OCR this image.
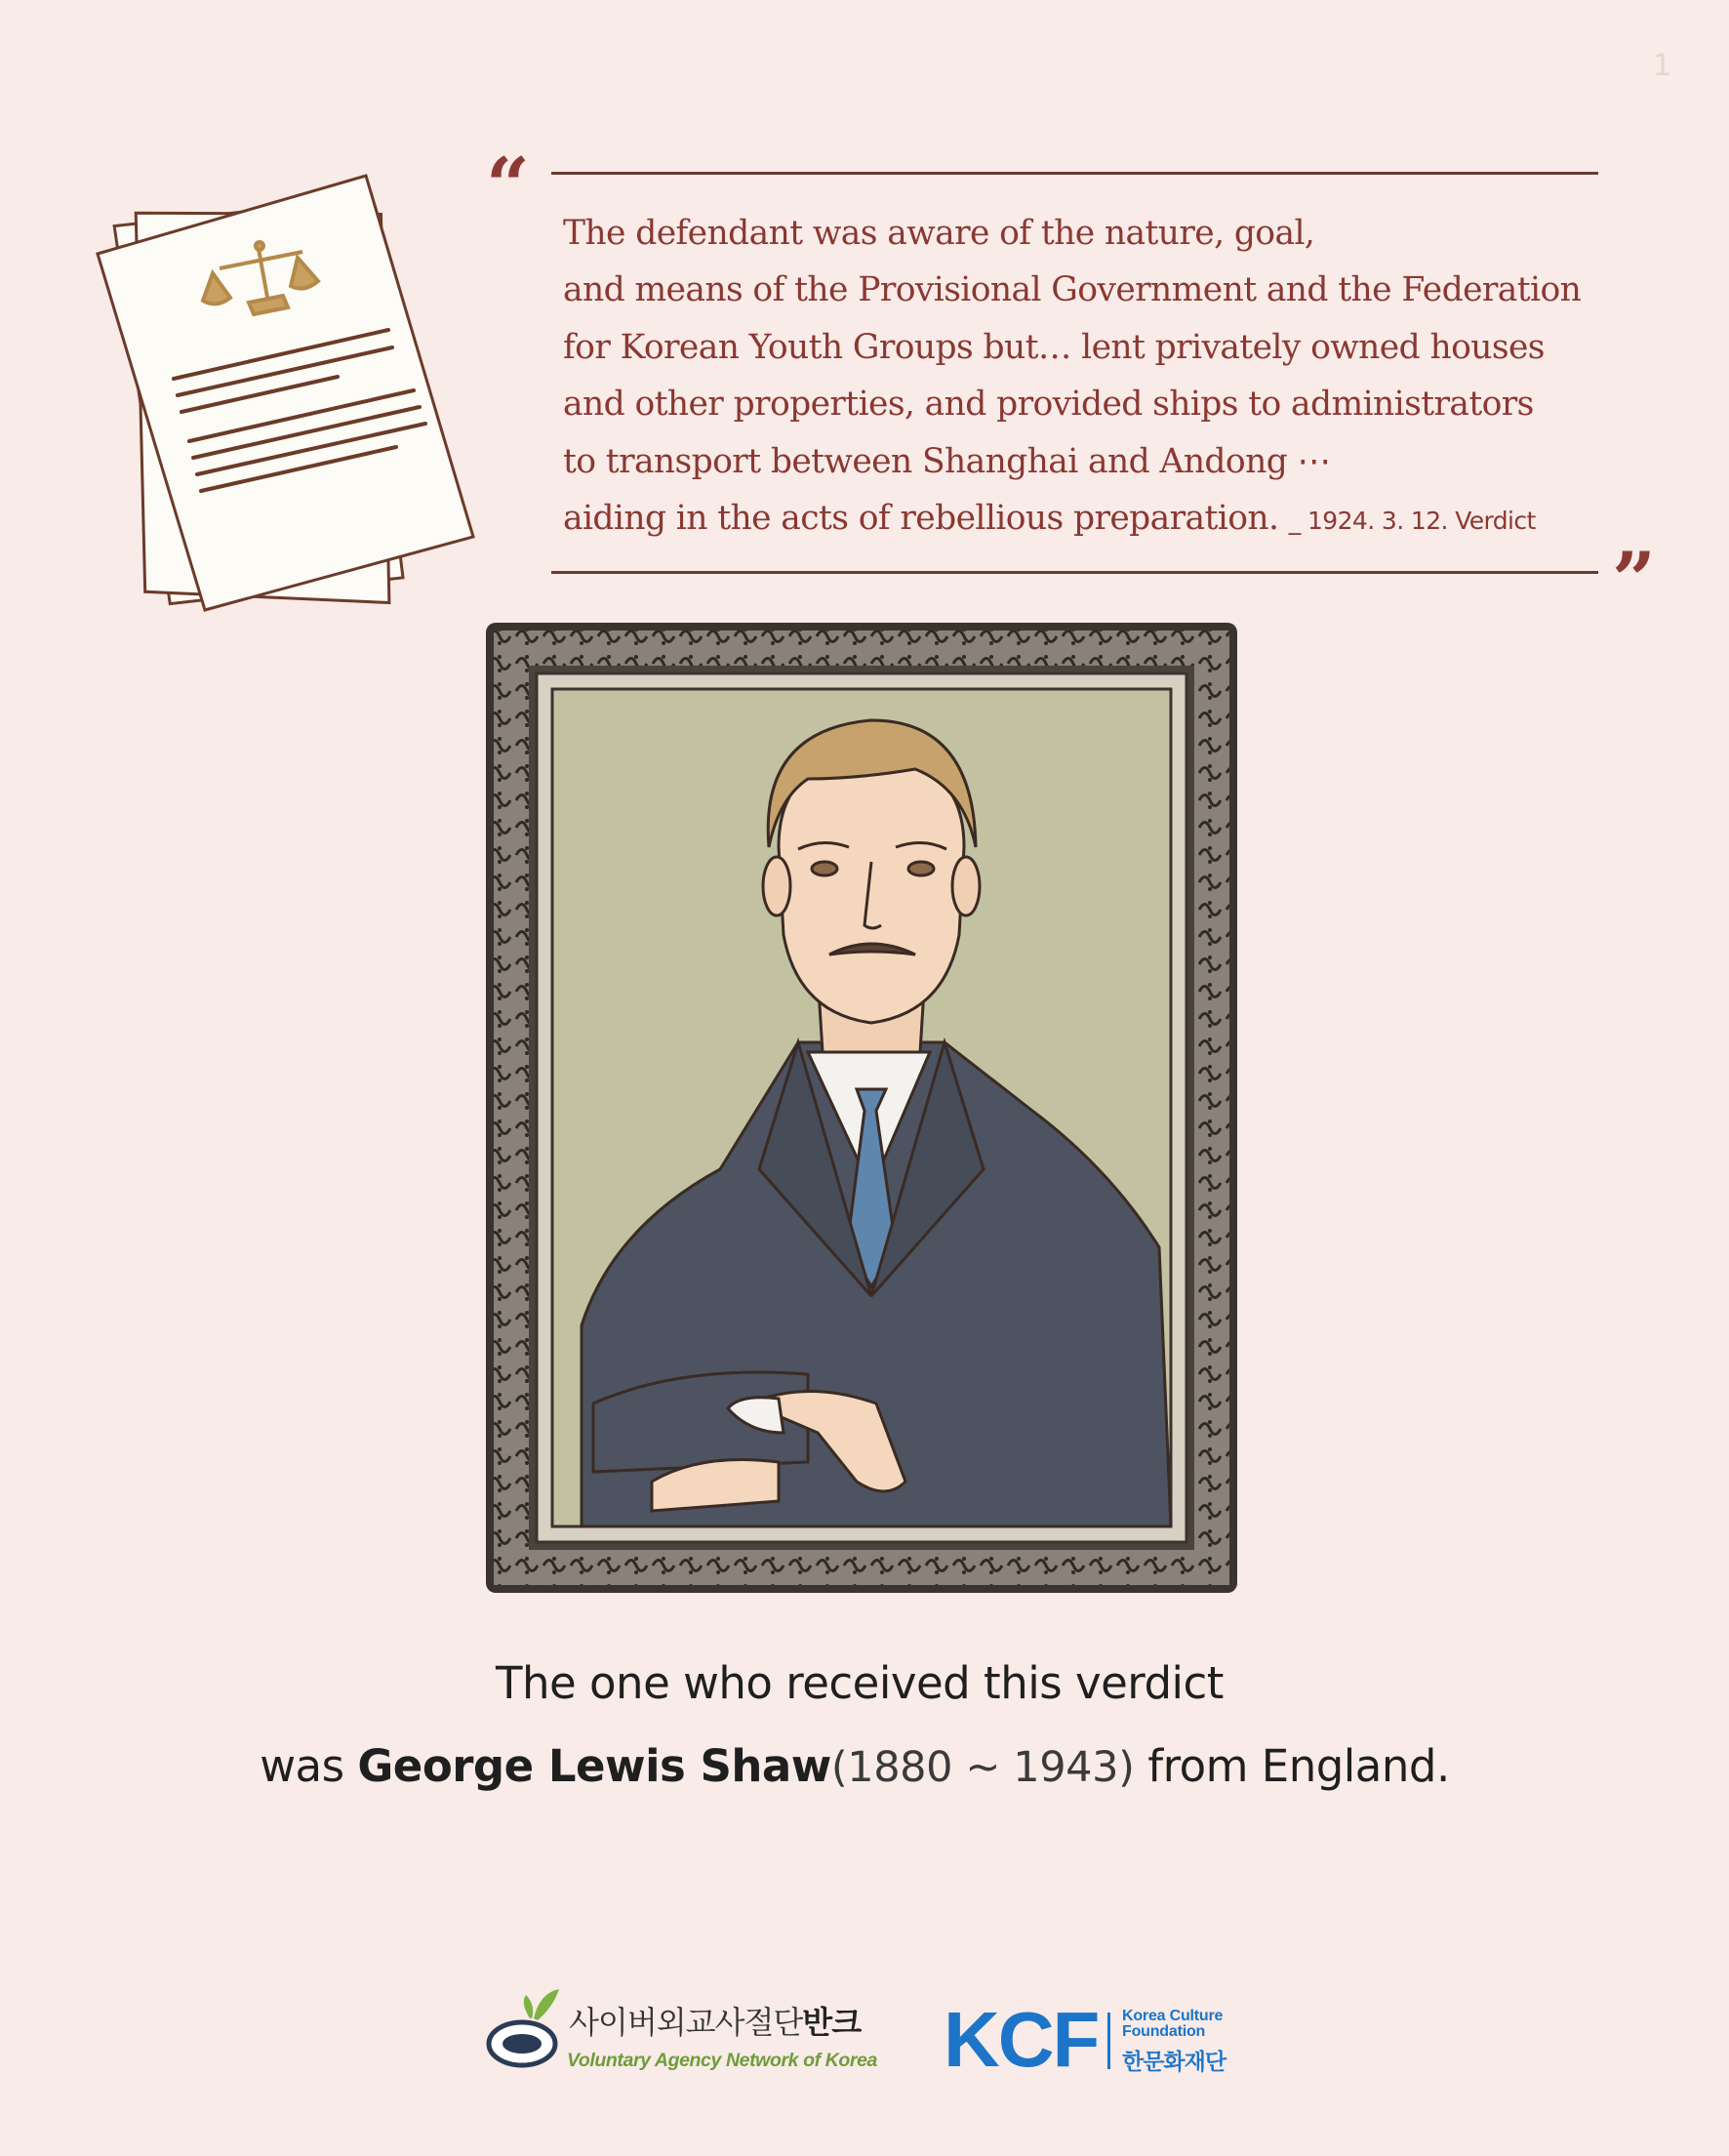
1
“
The defendant was aware of the nature, goal,
and means of the Provisional Government and the Federation
for Korean Youth Groups but… lent privately owned houses
and other properties, and provided ships to administrators
to transport between Shanghai and Andong ⋯
aiding in the acts of rebellious preparation. _ 1924. 3. 12. Verdict
”
The one who received this verdict
was George Lewis Shaw(1880 ~ 1943) from England.
사이버외교사절단반크
Voluntary Agency Network of Korea KCF Korea Culture
Foundation
한문화재단
